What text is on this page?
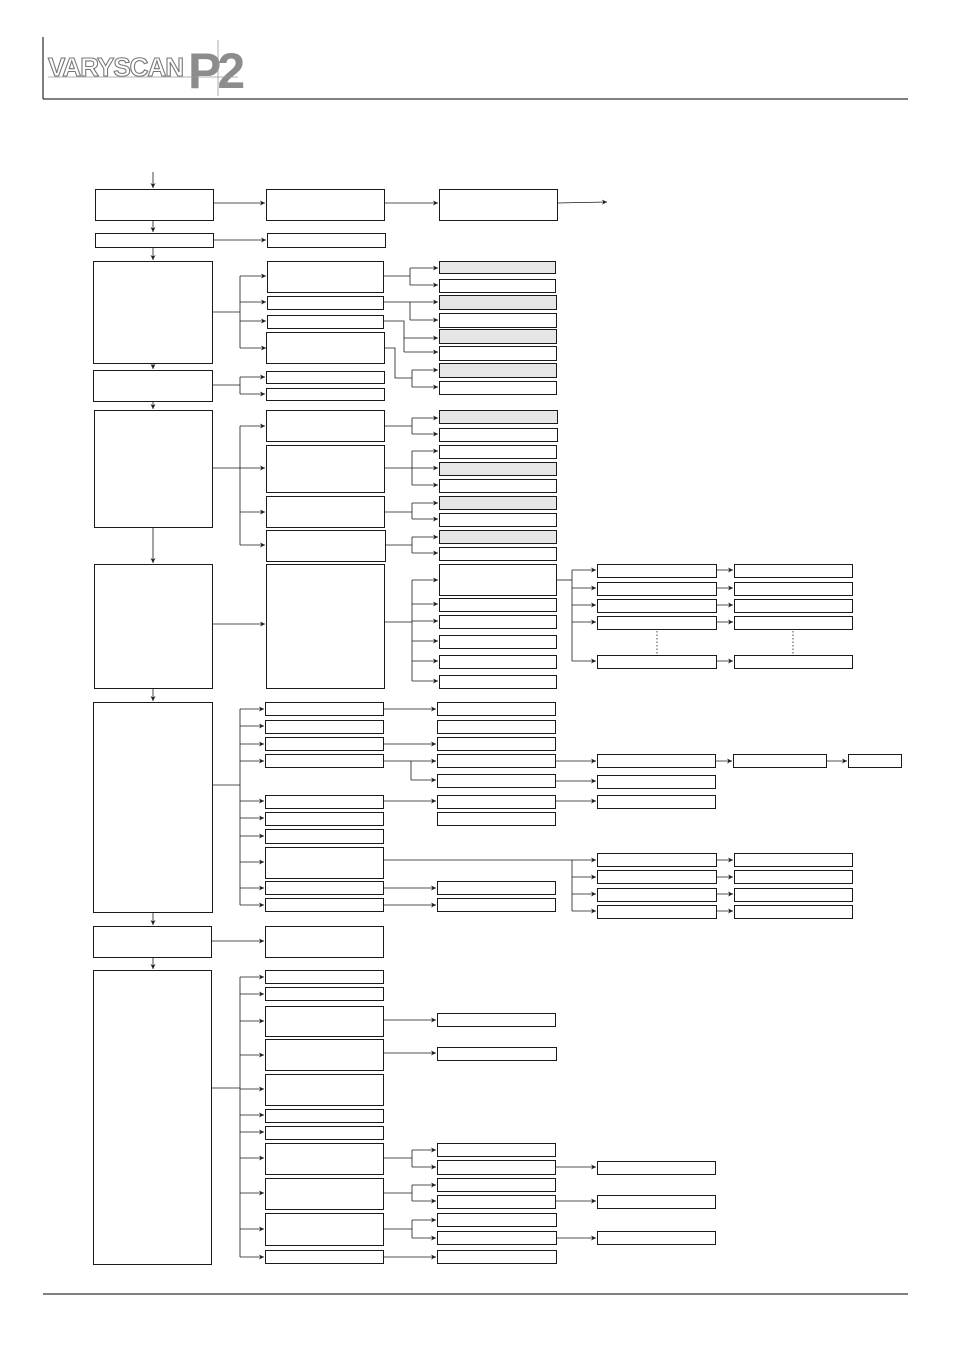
VARYSCAN P2
